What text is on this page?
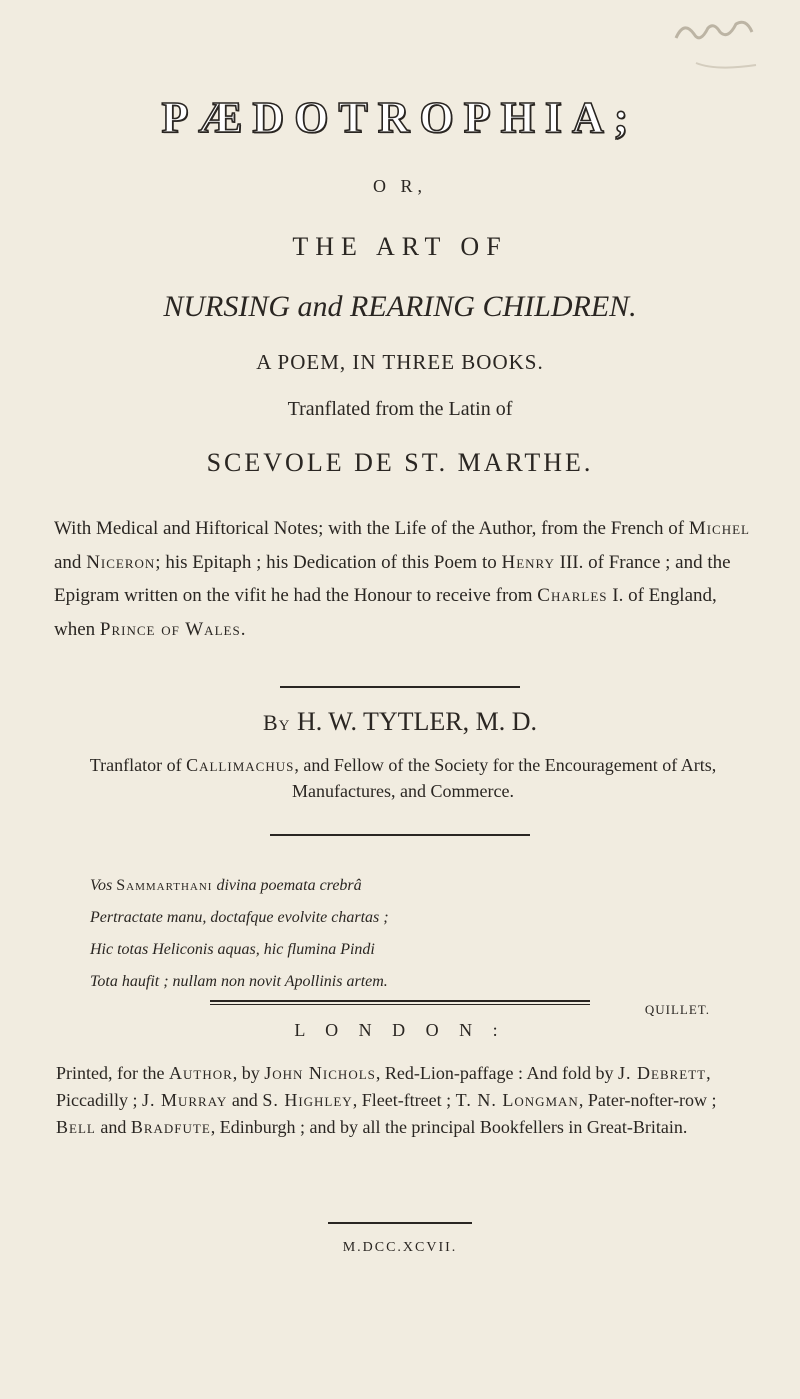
PÆDOTROPHIA;
O R,
THE ART OF
NURSING and REARING CHILDREN.
A POEM, IN THREE BOOKS.
Tranflated from the Latin of
SCEVOLE DE ST. MARTHE.
With Medical and Hiftorical Notes; with the Life of the Author, from the French of Michel and Niceron; his Epitaph ; his Dedication of this Poem to Henry III. of France ; and the Epigram written on the vifit he had the Honour to receive from Charles I. of England, when Prince of Wales.
By H. W. TYTLER, M. D.
Tranflator of Callimachus, and Fellow of the Society for the Encouragement of Arts, Manufactures, and Commerce.
Vos Sammarthani divina poemata crebrâ
Pertractate manu, doctafque evolvite chartas ;
Hic totas Heliconis aquas, hic flumina Pindi
Tota haufit ; nullam non novit Apollinis artem.
QUILLET.
L O N D O N :
Printed, for the Author, by John Nichols, Red-Lion-paffage : And fold by J. Debrett, Piccadilly ; J. Murray and S. Highley, Fleet-ftreet ; T. N. Longman, Pater-nofter-row ; Bell and Bradfute, Edinburgh ; and by all the principal Bookfellers in Great-Britain.
M.DCC.XCVII.
